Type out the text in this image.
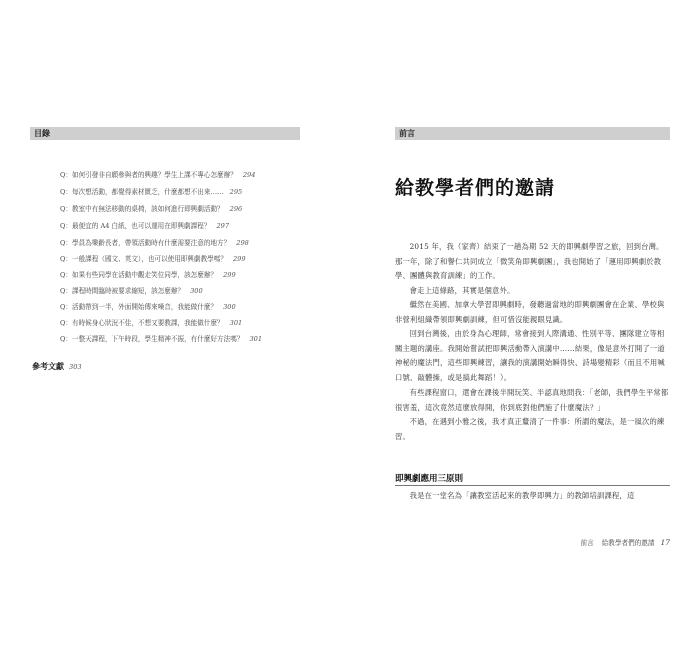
目錄
Q：如何引發非自願參與者的興趣？學生上課不專心怎麼辦？ 294
Q：每次想活動，都覺得素材匱乏，什麼都想不出來…… 295
Q：教室中有無法移動的桌椅，該如何進行即興劇活動？ 296
Q：最便宜的 A4 白紙，也可以運用在即興劇課程？ 297
Q：學員為樂齡長者，帶領活動時有什麼需要注意的地方？ 298
Q：一般課程（國文、英文），也可以使用即興劇教學嗎？ 299
Q：如果有些同學在活動中觀走笑位同學，該怎麼辦？ 299
Q：課程時間臨時被要求縮短，該怎麼辦？ 300
Q：活動帶到一半，外面開始傳來噪音，我能做什麼？ 300
Q：有時候身心狀況不佳，不想又要教課，我能做什麼？ 301
Q：一整天課程，下午時段，學生精神不振，有什麼好方法嗎？ 301
參考文獻 303
前言
給教學者們的邀請

2015 年，我（家齊）結束了一趟為期 52 天的即興劇學習之旅，回到台灣。那一年，除了和譽仁共同成立「微笑角即興劇團」，我也開始了「運用即興劇於教學、團體與教育訓練」的工作。

會走上這條路，其實是個意外。

繼然在美國、加拿大學習即興劇時，發聽過當地的即興劇團會在企業、學校與非營利組織帶領即興劇訓練，但可惜沒能親眼見識。

回到台灣後，由於身為心理師，常會接到人際溝通、性別平等、團隊建立等相關主題的講座。我開始嘗試把即興活動帶入演講中……結果，像是意外打開了一道神秘的魔法門，這些即興練習，讓我的演講開始瞬得快、詩場變精彩（而且不用喊口號、敲體操，或是搞此舞蹈！）。

有些課程窗口，還會在課後半開玩笑、半認真地問我：「老師，我們學生平常都很害羞，這次竟然這麼放得開，你到底對他們施了什麼魔法？」

不過，在遇到小雅之後，我才真正釐清了一件事：所謂的魔法，是一風次的練習。

即興劇應用三原則

我是在一堂名為「讓教室活起來的教學即興力」的教師培訓課程，這

前言 給教學者們的邀請 17
